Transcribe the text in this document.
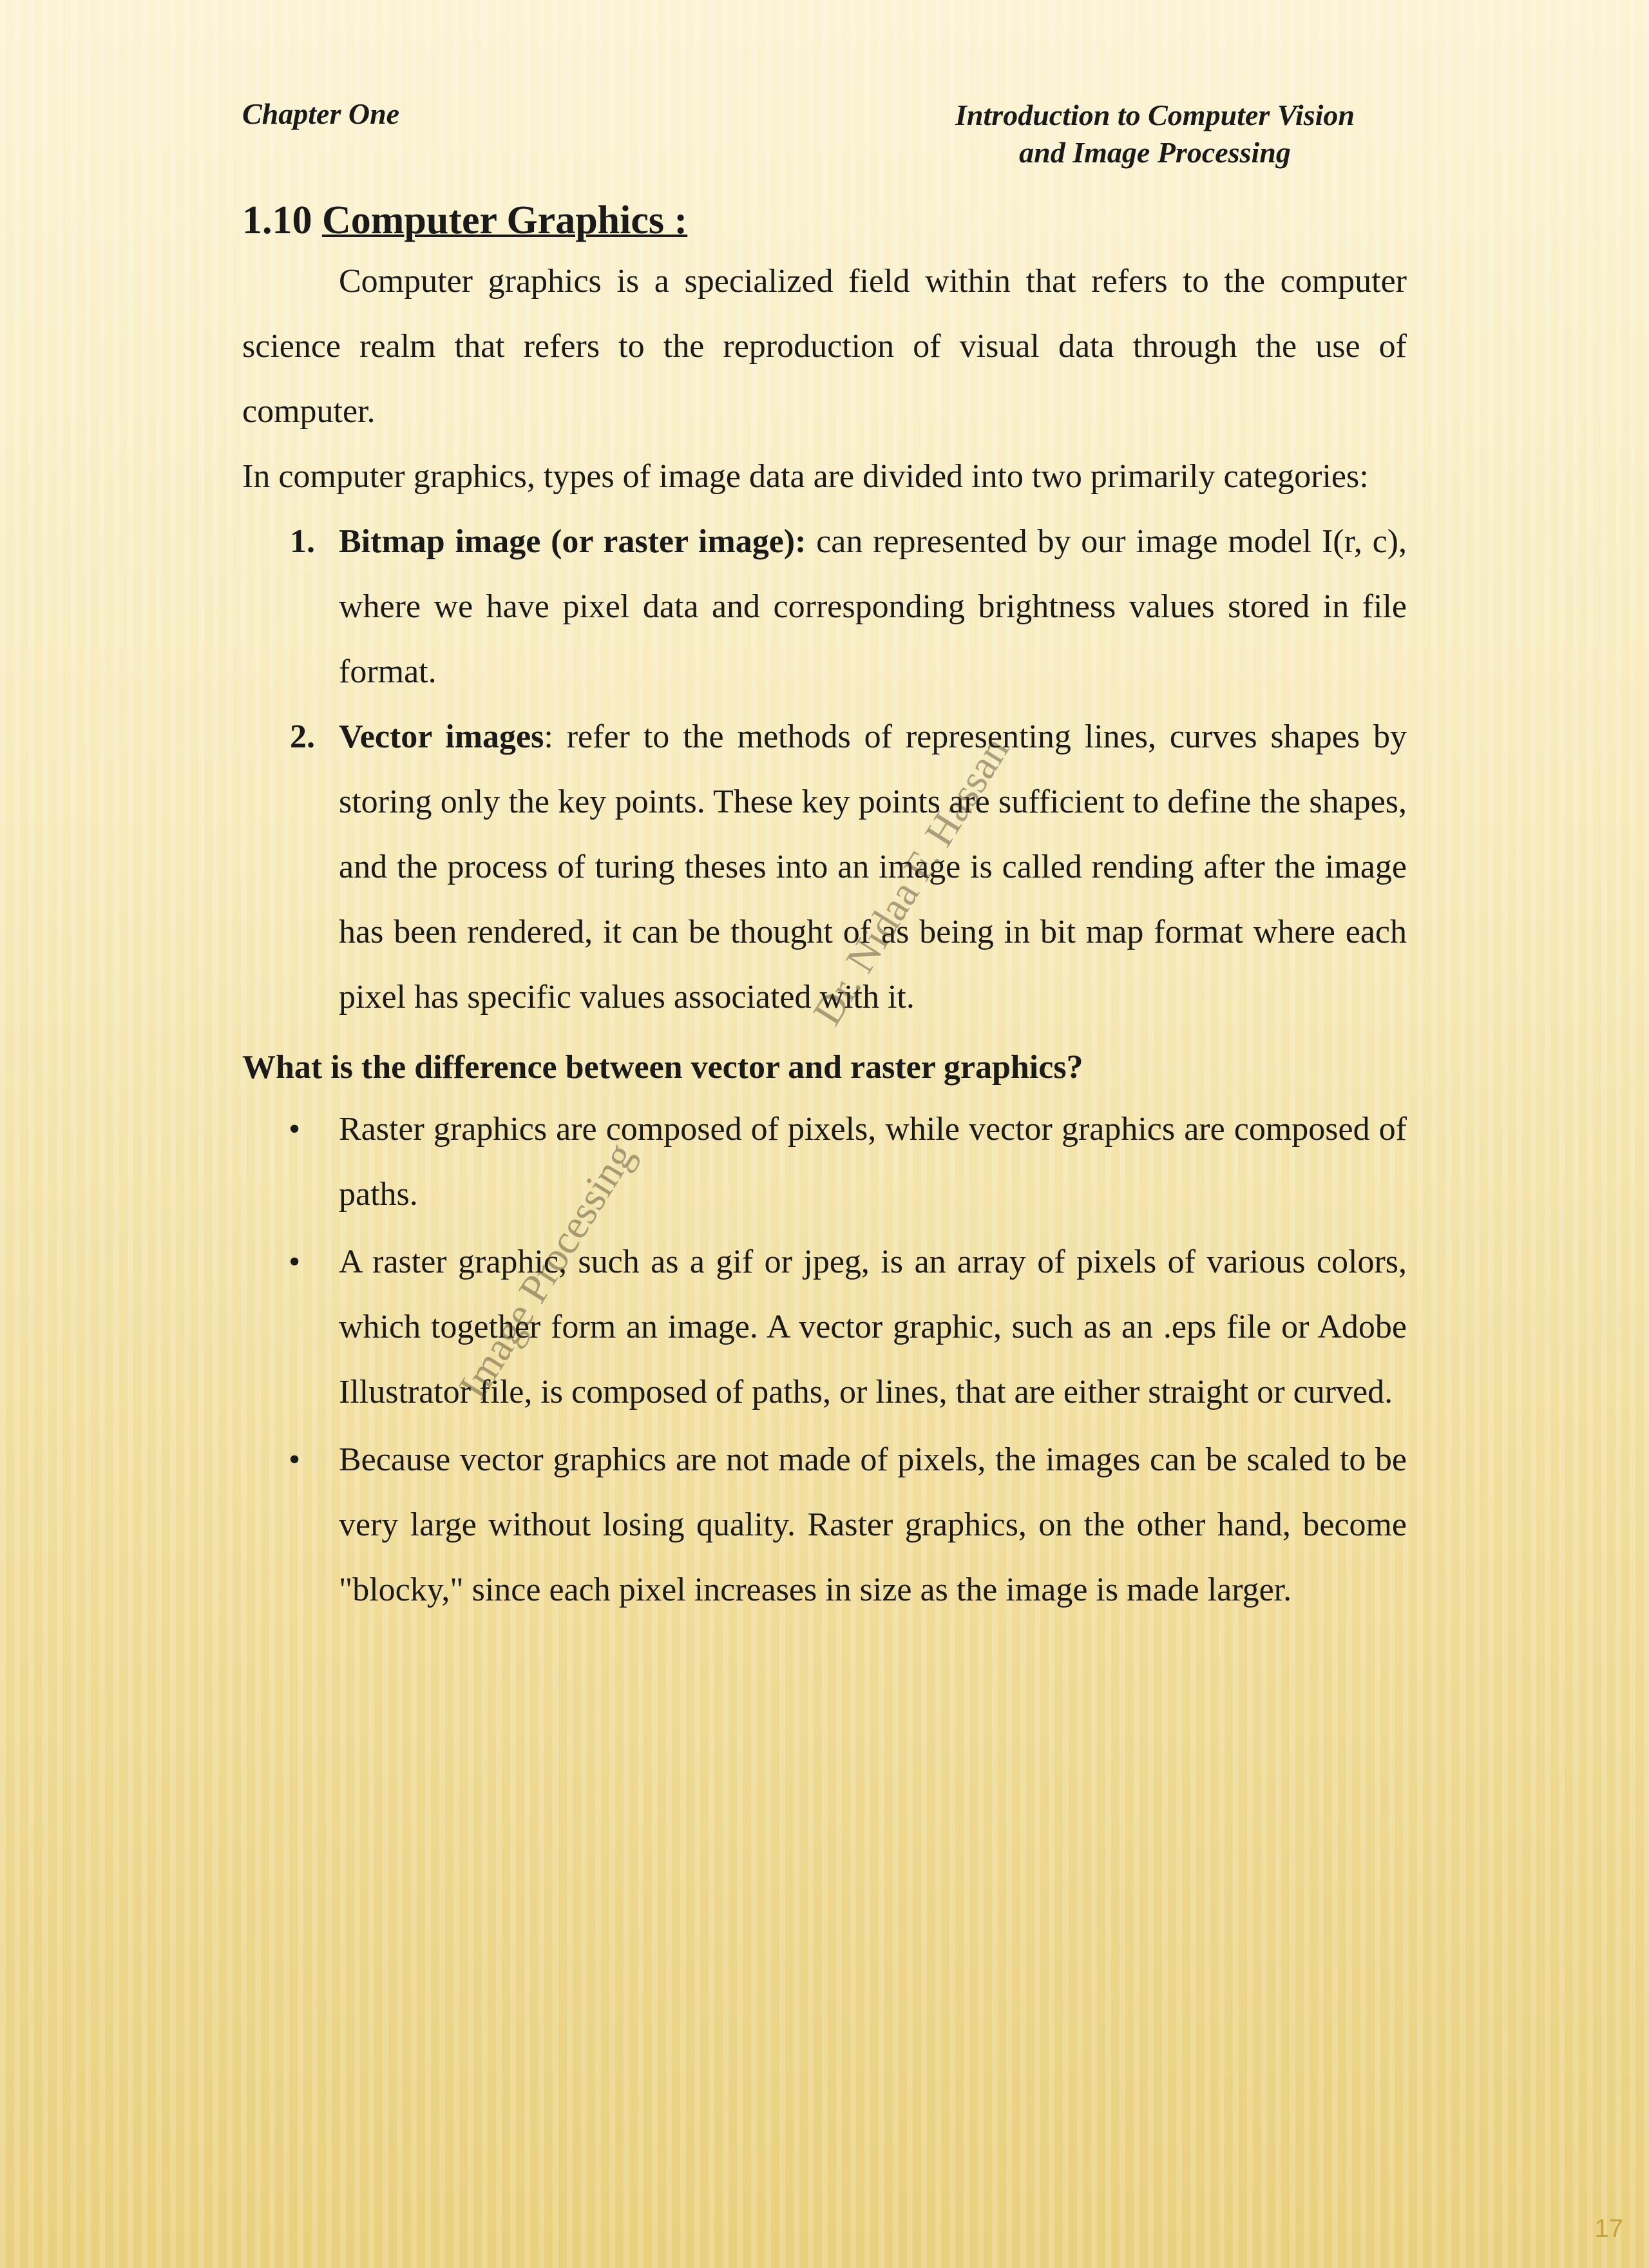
Chapter One	Introduction to Computer Vision
and Image Processing
1.10 Computer Graphics :

Computer graphics is a specialized field within that refers to the computer science realm that refers to the reproduction of visual data through the use of computer.

In computer graphics, types of image data are divided into two primarily categories:

1. Bitmap image (or raster image): can represented by our image model I(r, c), where we have pixel data and corresponding brightness values stored in file format.
2. Vector images: refer to the methods of representing lines, curves shapes by storing only the key points. These key points are sufficient to define the shapes, and the process of turing theses into an image is called rending after the image has been rendered, it can be thought of as being in bit map format where each pixel has specific values associated with it.

What is the difference between vector and raster graphics?

• Raster graphics are composed of pixels, while vector graphics are composed of paths.
• A raster graphic, such as a gif or jpeg, is an array of pixels of various colors, which together form an image. A vector graphic, such as an .eps file or Adobe Illustrator file, is composed of paths, or lines, that are either straight or curved.
• Because vector graphics are not made of pixels, the images can be scaled to be very large without losing quality. Raster graphics, on the other hand, become "blocky," since each pixel increases in size as the image is made larger.
Dr. Nidaa F. Hassan
Image Processing
17
